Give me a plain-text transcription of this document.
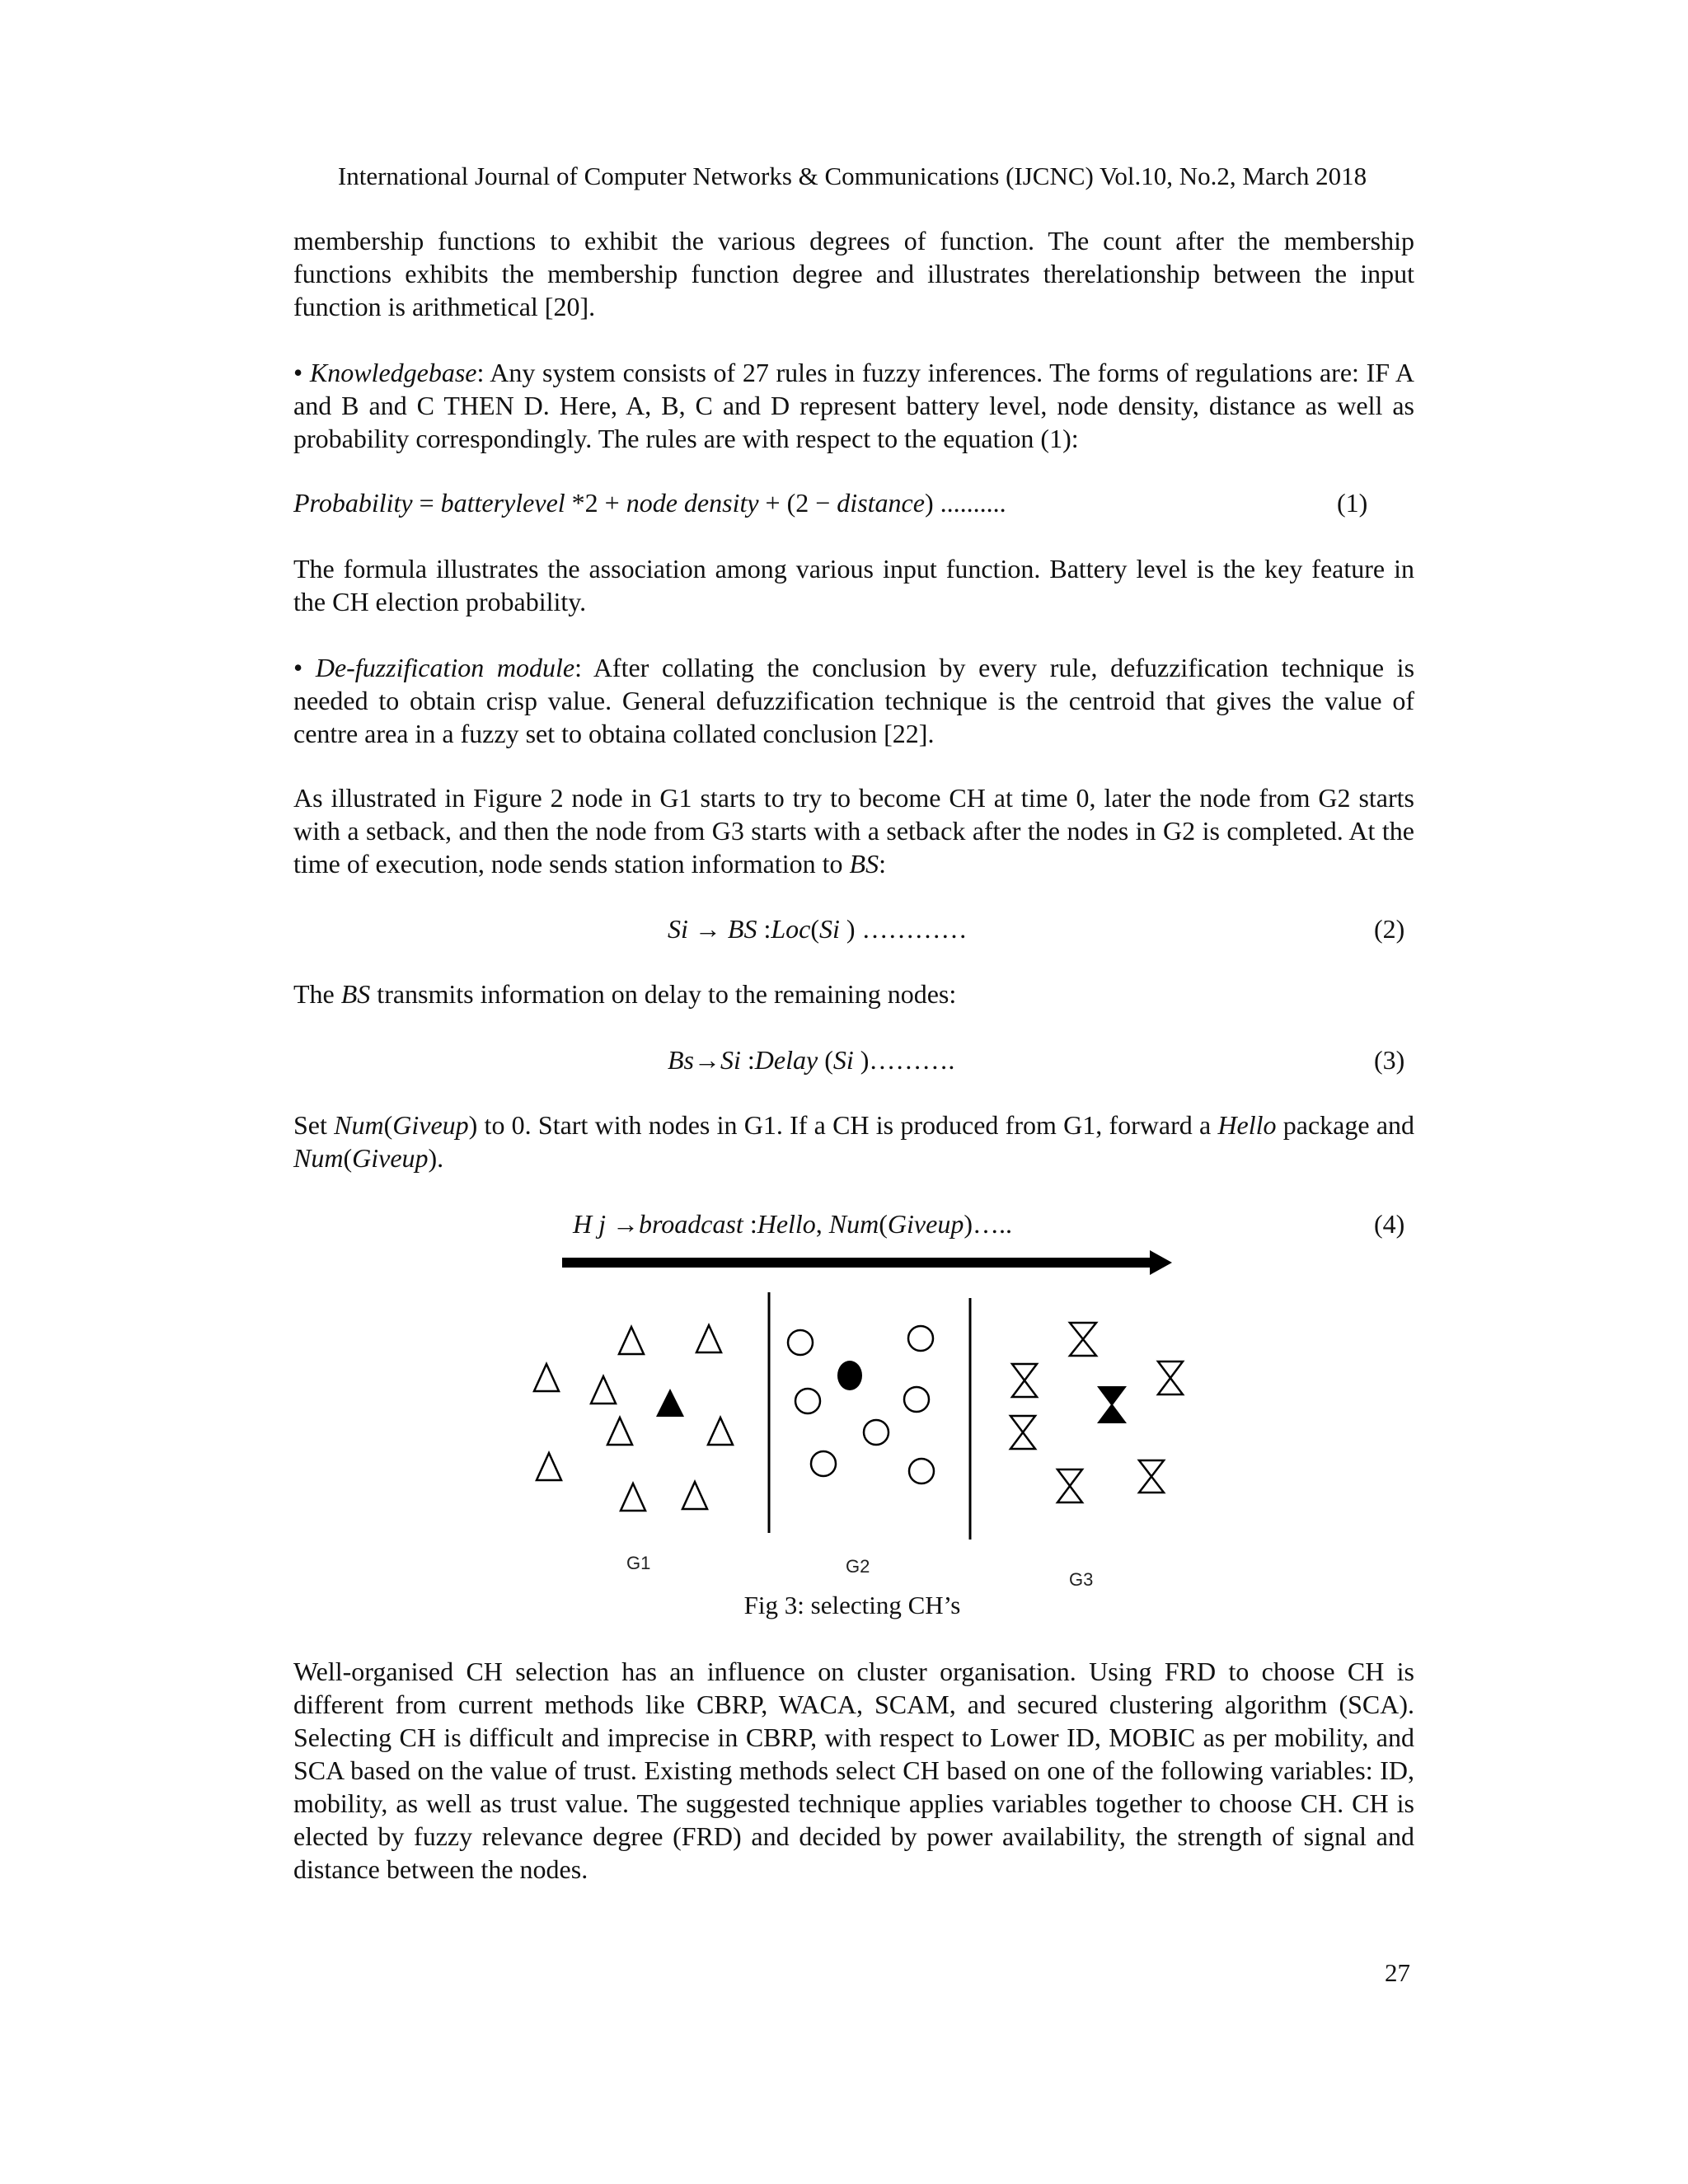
International Journal of Computer Networks & Communications (IJCNC) Vol.10, No.2, March 2018

membership functions to exhibit the various degrees of function. The count after the membership functions exhibits the membership function degree and illustrates therelationship between the input function is arithmetical [20].

• Knowledgebase: Any system consists of 27 rules in fuzzy inferences. The forms of regulations are: IF A and B and C THEN D. Here, A, B, C and D represent battery level, node density, distance as well as probability correspondingly. The rules are with respect to the equation (1):

Probability = batterylevel *2 + node density + (2 − distance) ..........	(1)

The formula illustrates the association among various input function. Battery level is the key feature in the CH election probability.

• De-fuzzification module: After collating the conclusion by every rule, defuzzification technique is needed to obtain crisp value. General defuzzification technique is the centroid that gives the value of centre area in a fuzzy set to obtaina collated conclusion [22].

As illustrated in Figure 2 node in G1 starts to try to become CH at time 0, later the node from G2 starts with a setback, and then the node from G3 starts with a setback after the nodes in G2 is completed. At the time of execution, node sends station information to BS:

Si → BS :Loc(Si ) …………	(2)

The BS transmits information on delay to the remaining nodes:

Bs→Si :Delay (Si )……….	(3)

Set Num(Giveup) to 0. Start with nodes in G1. If a CH is produced from G1, forward a Hello package and Num(Giveup).

H j →broadcast :Hello, Num(Giveup)…..	(4)
G1	G2
G3
Fig 3: selecting CH’s

Well-organised CH selection has an influence on cluster organisation. Using FRD to choose CH is different from current methods like CBRP, WACA, SCAM, and secured clustering algorithm (SCA). Selecting CH is difficult and imprecise in CBRP, with respect to Lower ID, MOBIC as per mobility, and SCA based on the value of trust. Existing methods select CH based on one of the following variables: ID, mobility, as well as trust value. The suggested technique applies variables together to choose CH. CH is elected by fuzzy relevance degree (FRD) and decided by power availability, the strength of signal and distance between the nodes.

27
